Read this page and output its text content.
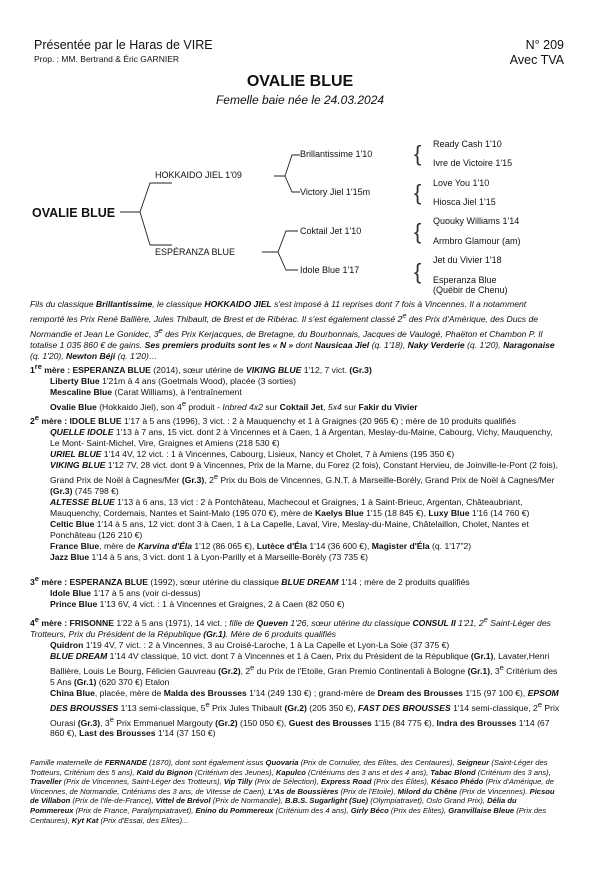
Présentée par le Haras de VIRE
Prop. : MM. Bertrand & Éric GARNIER
N° 209
Avec TVA
OVALIE BLUE
Femelle baie née le 24.03.2024
OVALIE BLUE
HOKKAIDO JIEL 1'09
ESPÉRANZA BLUE
Brillantissime 1'10
Victory Jiel 1'15m
Coktail Jet 1'10
Idole Blue 1'17
{
{
{
{
Ready Cash 1'10
Ivre de Victoire 1'15
Love You 1'10
Hiosca Jiel 1'15
Quouky Williams 1'14
Armbro Glamour (am)
Jet du Vivier 1'18
Esperanza Blue
(Québir de Chenu)

Fils du classique Brillantissime, le classique HOKKAIDO JIEL s'est imposé à 11 reprises dont 7 fois à Vincennes. Il a notamment remporté les Prix René Ballière, Jules Thibault, de Brest et de Ribérac. Il s'est également classé 2e des Prix d'Amérique, des Ducs de Normandie et Jean Le Gonidec, 3e des Prix Kerjacques, de Bretagne, du Bourbonnais, Jacques de Vaulogé, Phaëton et Chambon P. Il totalise 1 035 860 € de gains. Ses premiers produits sont les « N » dont Nausicaa Jiel (q. 1'18), Naky Verderie (q. 1'20), Naragonaise (q. 1'20), Newton Béji (q. 1'20)…

1re mère : ESPERANZA BLUE (2014), sœur utérine de VIKING BLUE 1'12, 7 vict. (Gr.3)

Liberty Blue 1'21m à 4 ans (Goetmals Wood), placée (3 sorties)

Mescaline Blue (Carat Williams), à l'entraînement

Ovalie Blue (Hokkaido Jiel), son 4e produit - Inbred 4x2 sur Coktail Jet, 5x4 sur Fakir du Vivier

2e mère : IDOLE BLUE 1'17 à 5 ans (1996), 3 vict. : 2 à Mauquenchy et 1 à Graignes (20 965 €) ; mère de 10 produits qualifiés

QUELLE IDOLE 1'13 à 7 ans, 15 vict. dont 2 à Vincennes et à Caen, 1 à Argentan, Meslay-du-Maine, Cabourg, Vichy, Mauquenchy, Le Mont- Saint-Michel, Vire, Graignes et Amiens (218 530 €)

URIEL BLUE 1'14 4V, 12 vict. : 1 à Vincennes, Cabourg, Lisieux, Nancy et Cholet, 7 à Amiens (195 350 €)

VIKING BLUE 1'12 7V, 28 vict. dont 9 à Vincennes, Prix de la Marne, du Forez (2 fois), Constant Hervieu, de Joinville-le-Pont (2 fois), Grand Prix de Noël à Cagnes/Mer (Gr.3), 2e Prix du Bois de Vincennes, G.N.T. à Marseille-Borély, Grand Prix de Noël à Cagnes/Mer (Gr.3) (745 798 €)

ALTESSE BLUE 1'13 à 6 ans, 13 vict : 2 à Pontchâteau, Machecoul et Graignes, 1 à Saint-Brieuc, Argentan, Châteaubriant, Mauquenchy, Cordemais, Nantes et Saint-Malo (195 070 €), mère de Kaelys Blue 1'15 (18 845 €), Luxy Blue 1'16 (14 760 €)

Celtic Blue 1'14 à 5 ans, 12 vict. dont 3 à Caen, 1 à La Capelle, Laval, Vire, Meslay-du-Maine, Châtelaillon, Cholet, Nantes et Ponchâteau (126 210 €)

France Blue, mère de Karvina d'Éla 1'12 (86 065 €), Lutèce d'Éla 1'14 (36 600 €), Magister d'Éla (q. 1'17"2)

Jazz Blue 1'14 à 5 ans, 3 vict. dont 1 à Lyon-Parilly et à Marseille-Borély (73 735 €)

3e mère : ESPERANZA BLUE (1992), sœur utérine du classique BLUE DREAM 1'14 ; mère de 2 produits qualifiés

Idole Blue 1'17 à 5 ans (voir ci-dessus)

Prince Blue 1'13 6V, 4 vict. : 1 à Vincennes et Graignes, 2 à Caen (82 050 €)

4e mère : FRISONNE 1'22 à 5 ans (1971), 14 vict. ; fille de Queven 1'26, sœur utérine du classique CONSUL II 1'21, 2e Saint-Léger des Trotteurs, Prix du Président de la République (Gr.1). Mère de 6 produits qualifiés

Quidron 1'19 4V, 7 vict. : 2 à Vincennes, 3 au Croisé-Laroche, 1 à La Capelle et Lyon-La Soie (37 375 €)

BLUE DREAM 1'14 4V classique, 10 vict. dont 7 à Vincennes et 1 à Caen, Prix du Président de la République (Gr.1), Lavater,Henri Ballière, Louis Le Bourg, Félicien Gauvreau (Gr.2), 2e du Prix de l'Etoile, Gran Premio Continentali à Bologne (Gr.1), 3e Critérium des 5 Ans (Gr.1) (620 370 €) Etalon

China Blue, placée, mère de Malda des Brousses 1'14 (249 130 €) ; grand-mère de Dream des Brousses 1'15 (97 100 €), EPSOM DES BROUSSES 1'13 semi-classique, 5e Prix Jules Thibault (Gr.2) (205 350 €), FAST DES BROUSSES 1'14 semi-classique, 2e Prix Ourasi (Gr.3), 3e Prix Emmanuel Margouty (Gr.2) (150 050 €), Guest des Brousses 1'15 (84 775 €), Indra des Brousses 1'14 (67 860 €), Last des Brousses 1'14 (37 150 €)

Famille maternelle de FERNANDE (1870), dont sont également issus Quovaria (Prix de Cornulier, des Elites, des Centaures), Seigneur (Saint-Léger des Trotteurs, Critérium des 5 ans), Kaïd du Bignon (Critérium des Jeunes), Kapulco (Critériums des 3 ans et des 4 ans), Tabac Blond (Critérium des 3 ans), Traveller (Prix de Vincennes, Saint-Léger des Trotteurs), Vip Tilly (Prix de Sélection), Express Road (Prix des Élites), Késaco Phédo (Prix d'Amérique, de Vincennes, de Normandie, Critériums des 3 ans, de Vitesse de Caen), L'As de Boussières (Prix de l'Etoile), Milord du Chêne (Prix de Vincennes). Picsou de Villabon (Prix de l'Ile-de-France), Vittel de Brévol (Prix de Normandie), B.B.S. Sugarlight (Sue) (Olympiatravet), Oslo Grand Prix), Délia du Pommereux (Prix de France, Paralympiatravet), Enino du Pommereux (Critérium des 4 ans), Girly Béco (Prix des Elites), Granvillaise Bleue (Prix des Centaures), Kyt Kat (Prix d'Essai, des Elites)...
